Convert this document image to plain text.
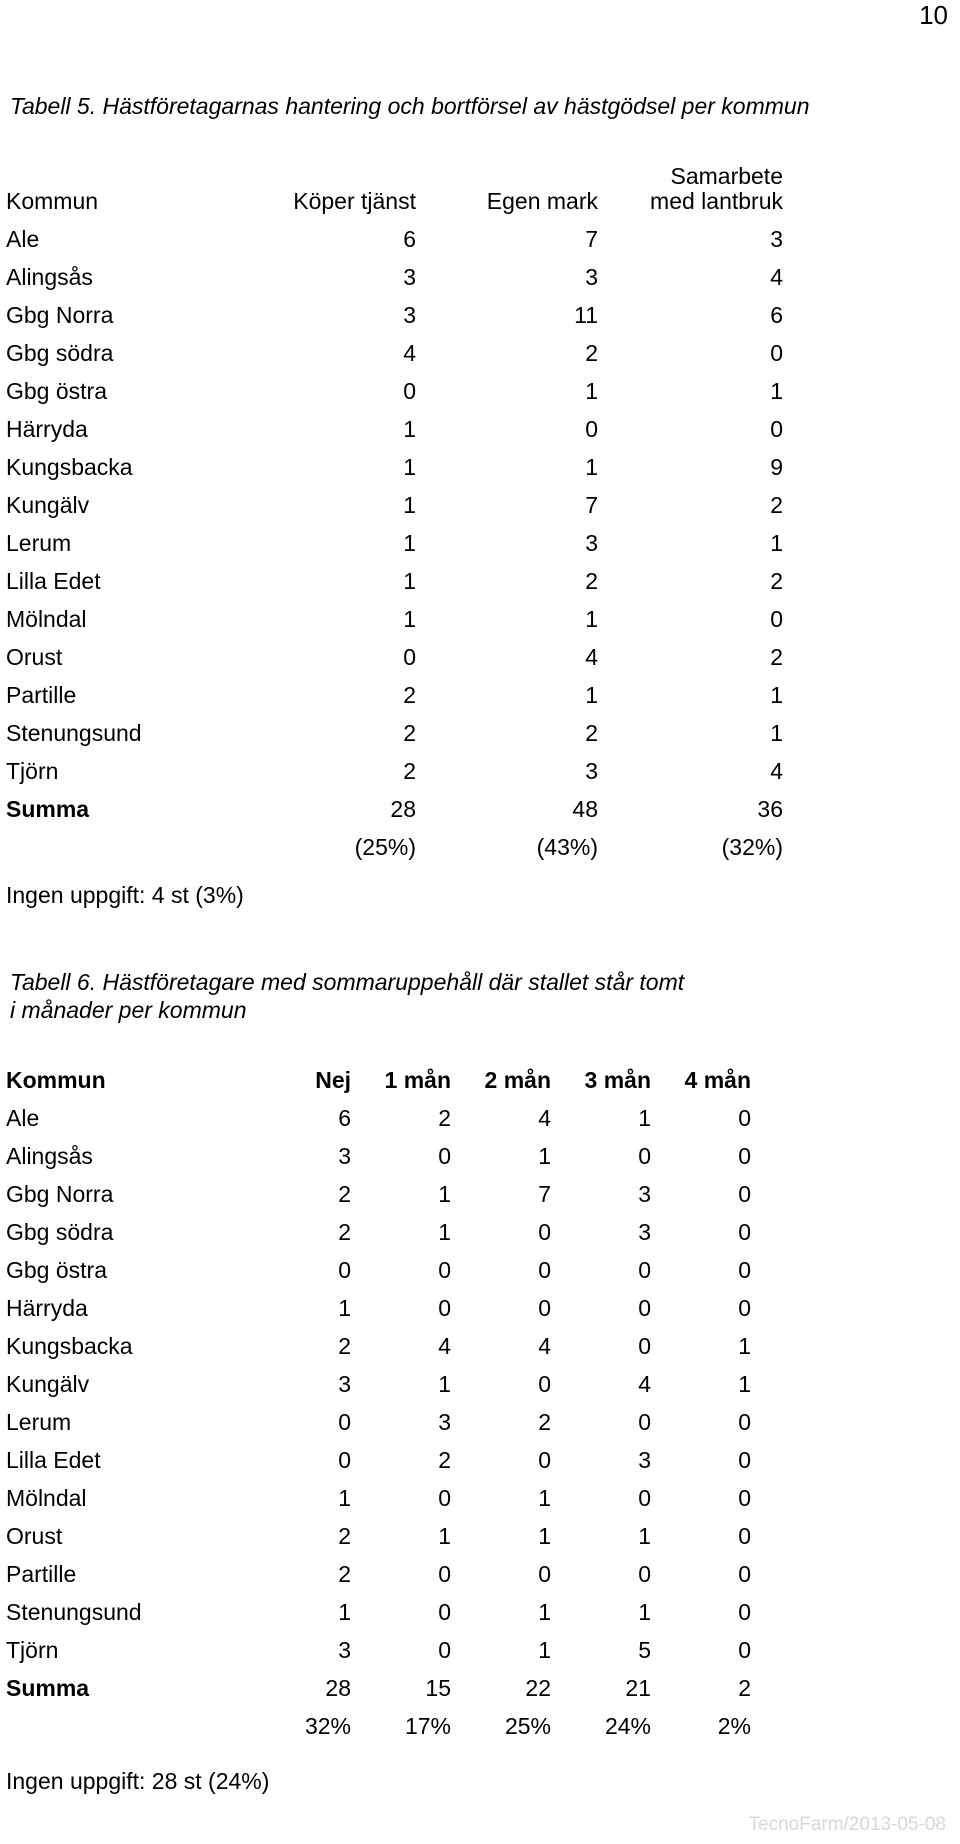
10
Tabell 5. Hästföretagarnas hantering och bortförsel av hästgödsel per kommun
Kommun	Köper tjänst	Egen mark	Samarbete
med lantbruk
Ale	6	7	3
Alingsås	3	3	4
Gbg Norra	3	11	6
Gbg södra	4	2	0
Gbg östra	0	1	1
Härryda	1	0	0
Kungsbacka	1	1	9
Kungälv	1	7	2
Lerum	1	3	1
Lilla Edet	1	2	2
Mölndal	1	1	0
Orust	0	4	2
Partille	2	1	1
Stenungsund	2	2	1
Tjörn	2	3	4
Summa	28	48	36
	(25%)	(43%)	(32%)
Ingen uppgift: 4 st (3%)
Tabell 6. Hästföretagare med sommaruppehåll där stallet står tomt
i månader per kommun
Kommun	Nej	1 mån	2 mån	3 mån	4 mån
Ale	6	2	4	1	0
Alingsås	3	0	1	0	0
Gbg Norra	2	1	7	3	0
Gbg södra	2	1	0	3	0
Gbg östra	0	0	0	0	0
Härryda	1	0	0	0	0
Kungsbacka	2	4	4	0	1
Kungälv	3	1	0	4	1
Lerum	0	3	2	0	0
Lilla Edet	0	2	0	3	0
Mölndal	1	0	1	0	0
Orust	2	1	1	1	0
Partille	2	0	0	0	0
Stenungsund	1	0	1	1	0
Tjörn	3	0	1	5	0
Summa	28	15	22	21	2
	32%	17%	25%	24%	2%
Ingen uppgift: 28 st (24%)
TecnoFarm/2013-05-08
